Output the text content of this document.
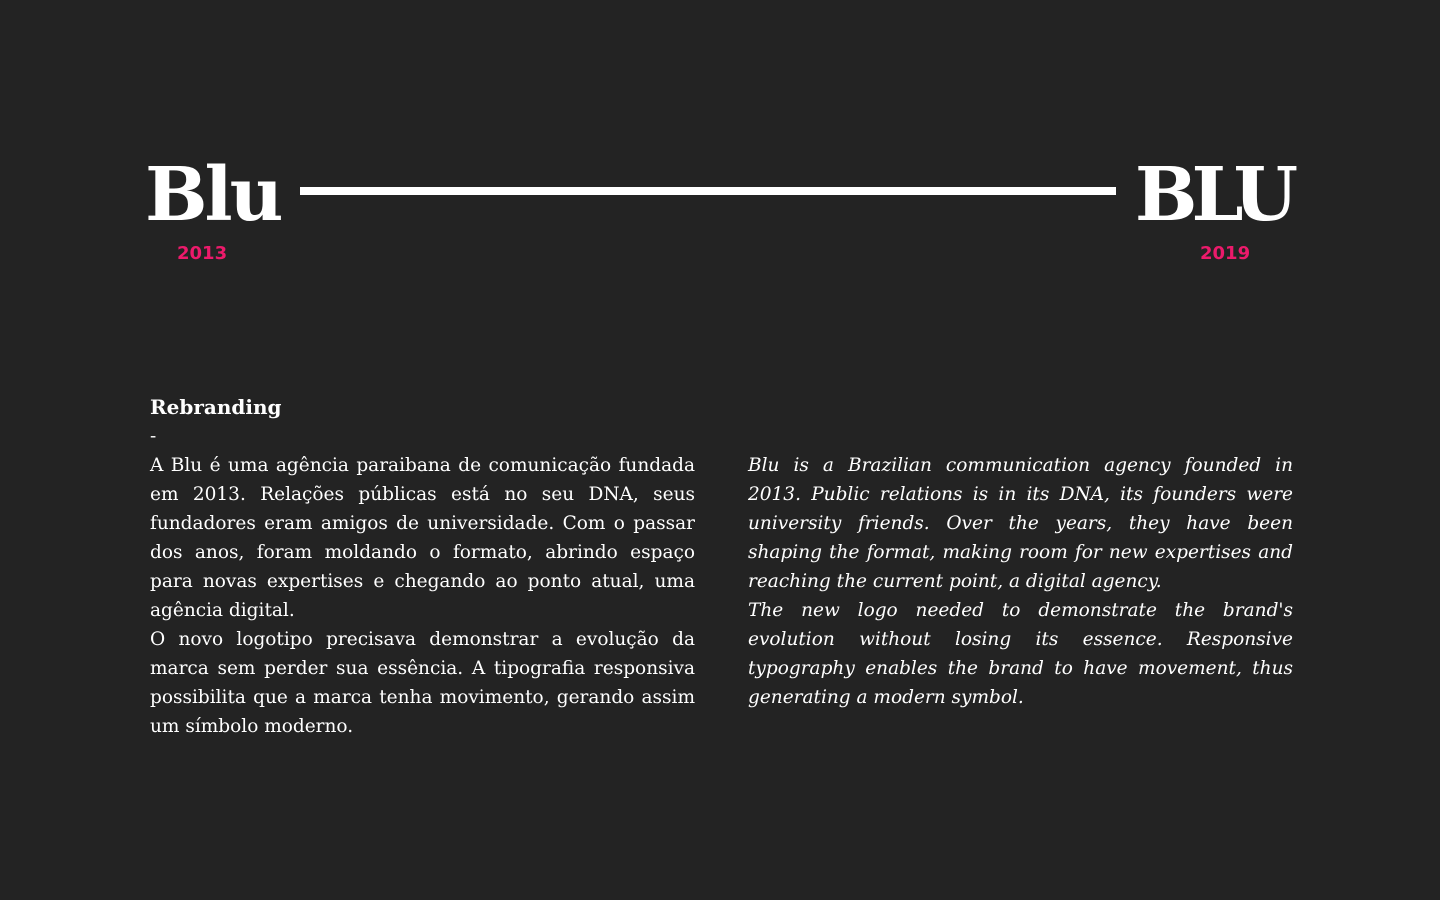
Blu	BLU
2013	2019

Rebranding

-

A Blu é uma agência paraibana de comunicação fundada em 2013. Relações públicas está no seu DNA, seus fundadores eram amigos de universidade. Com o passar dos anos, foram moldando o formato, abrindo espaço para novas expertises e chegando ao ponto atual, uma agência digital.

O novo logotipo precisava demonstrar a evolução da marca sem perder sua essência. A tipografia responsiva possibilita que a marca tenha movimento, gerando assim um símbolo moderno.

Blu is a Brazilian communication agency founded in 2013. Public relations is in its DNA, its founders were university friends. Over the years, they have been shaping the format, making room for new expertises and reaching the current point, a digital agency.

The new logo needed to demonstrate the brand's evolution without losing its essence. Responsive typography enables the brand to have movement, thus generating a modern symbol.
